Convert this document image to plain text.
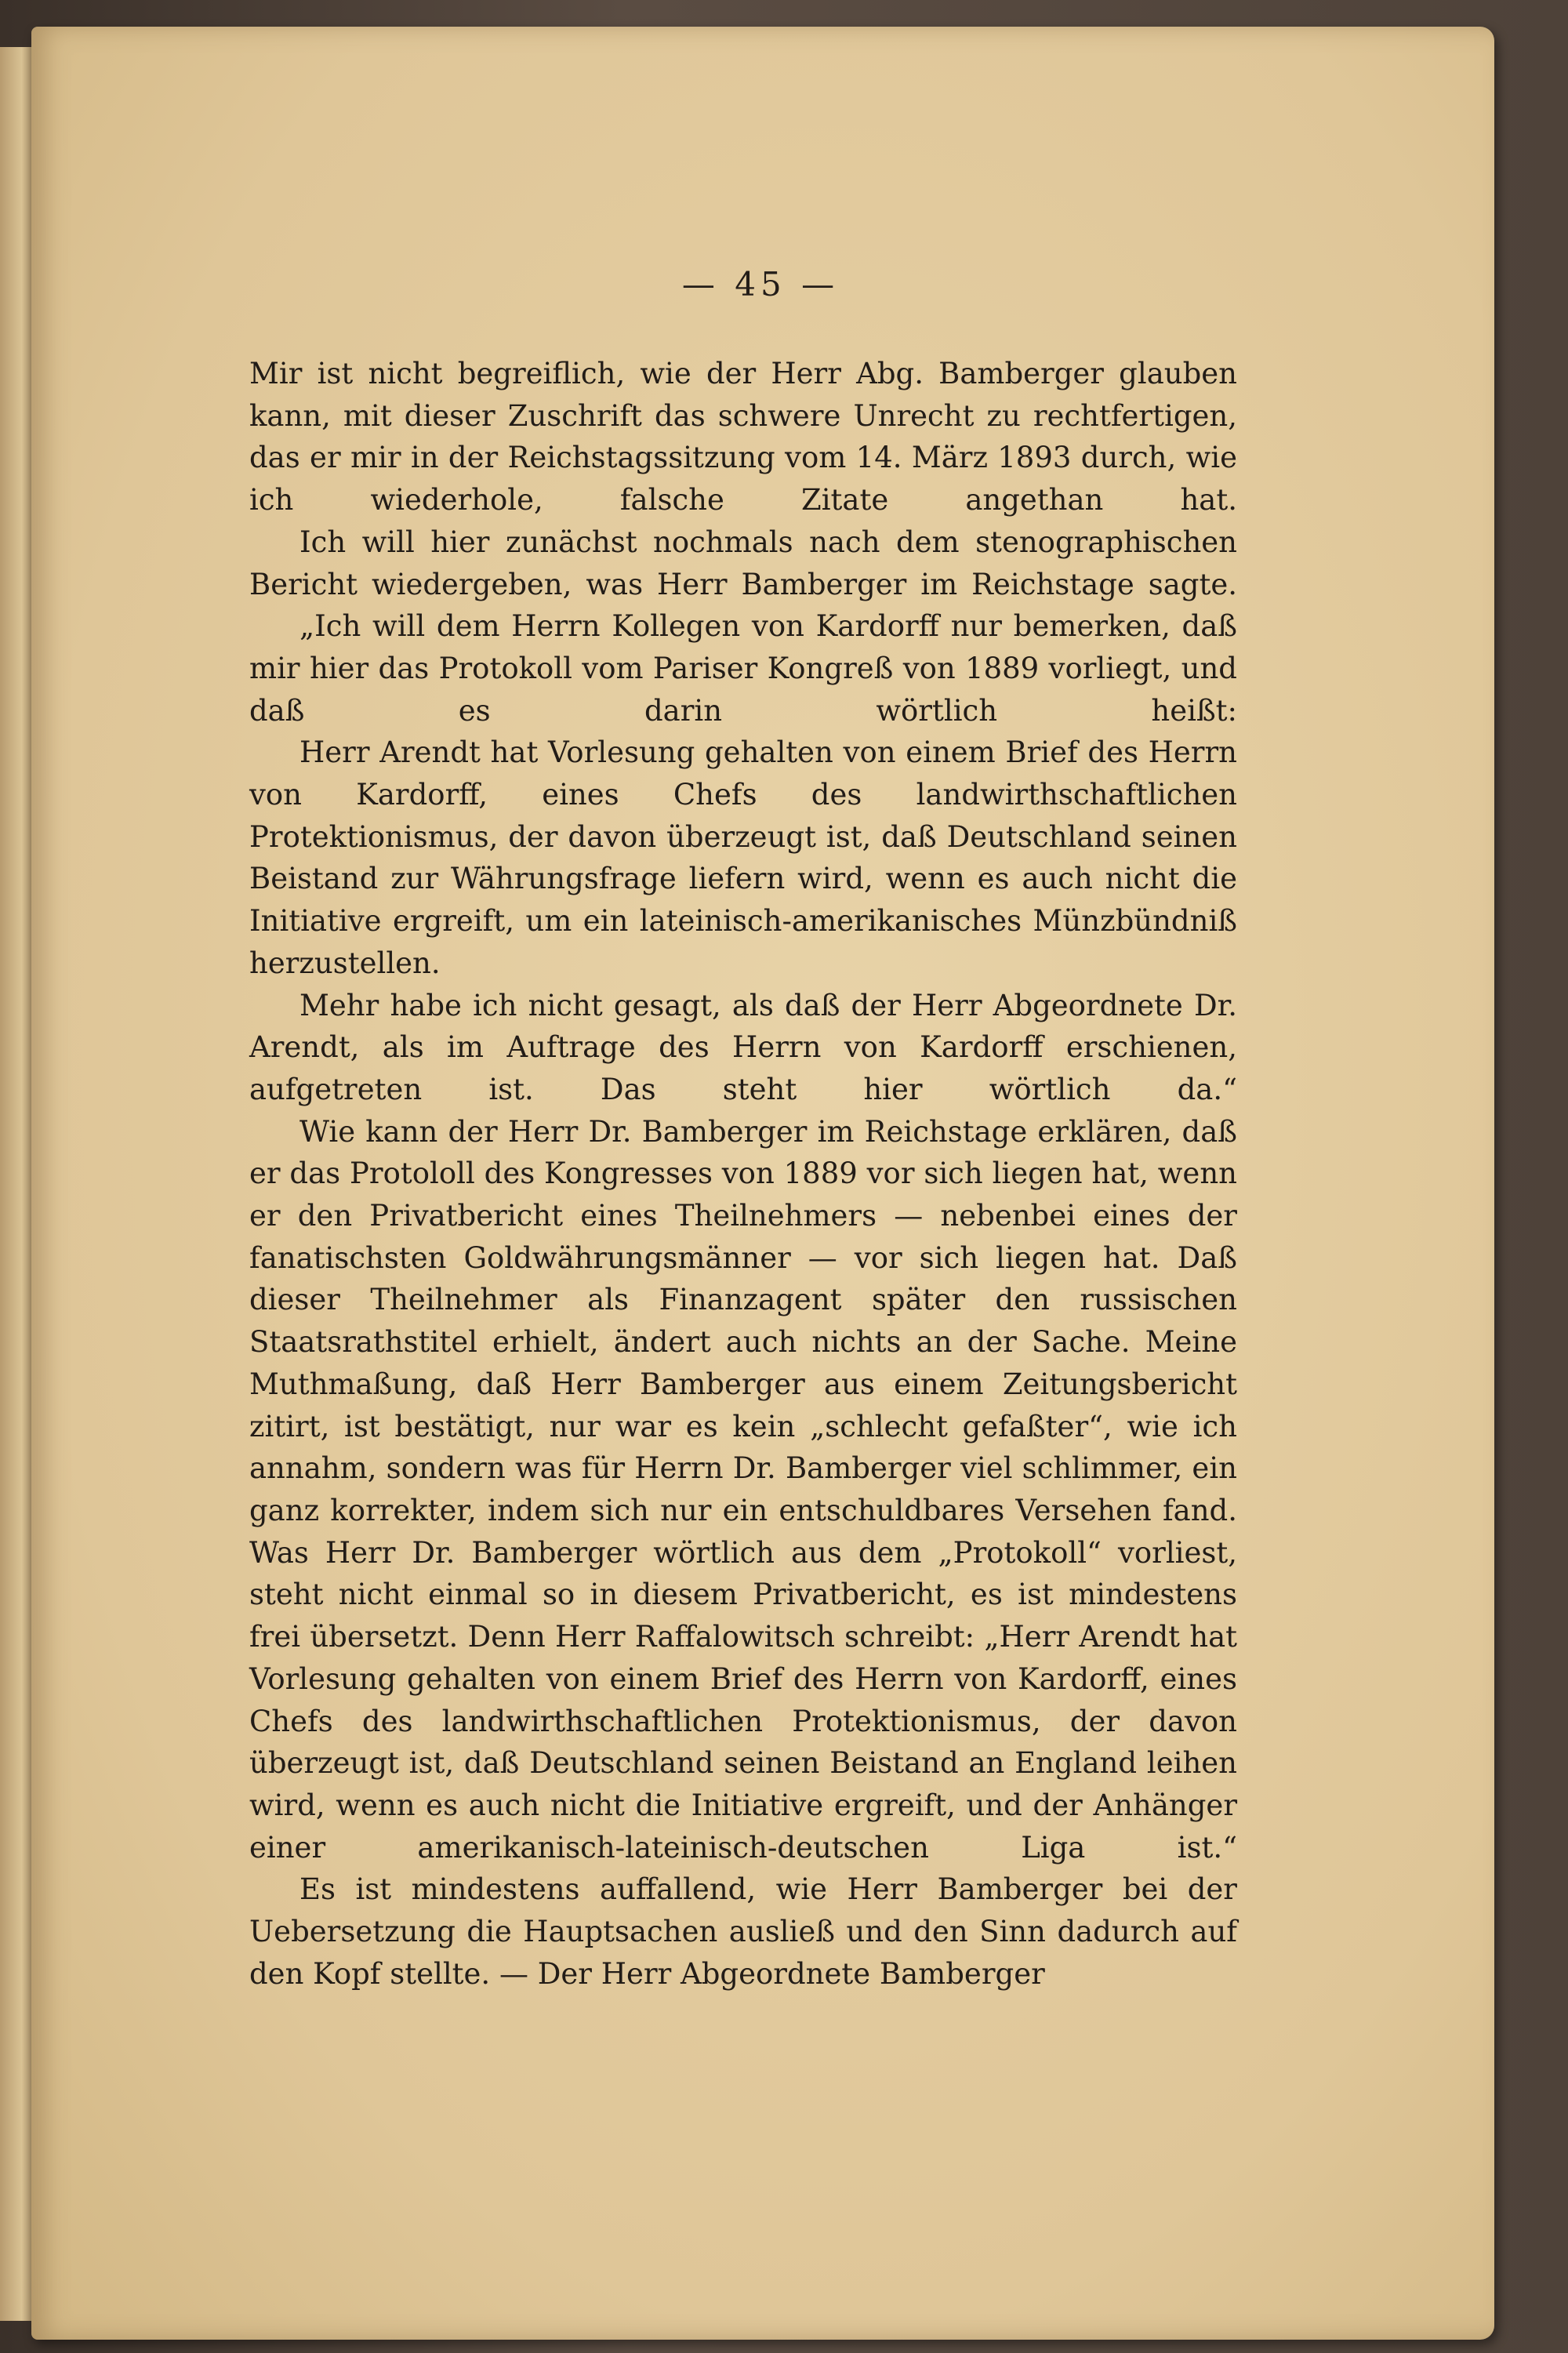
— 45 —

Mir ist nicht begreiflich, wie der Herr Abg. Bamberger glauben kann, mit dieser Zuschrift das schwere Unrecht zu rechtfertigen, das er mir in der Reichstagssitzung vom 14. März 1893 durch, wie ich wiederhole, falsche Zitate angethan hat.

Ich will hier zunächst nochmals nach dem stenographischen Bericht wiedergeben, was Herr Bamberger im Reichstage sagte.

„Ich will dem Herrn Kollegen von Kardorff nur bemerken, daß mir hier das Protokoll vom Pariser Kongreß von 1889 vorliegt, und daß es darin wörtlich heißt:

Herr Arendt hat Vorlesung gehalten von einem Brief des Herrn von Kardorff, eines Chefs des landwirthschaftlichen Protektionismus, der davon überzeugt ist, daß Deutschland seinen Beistand zur Währungsfrage liefern wird, wenn es auch nicht die Initiative ergreift, um ein lateinisch-amerikanisches Münzbündniß herzustellen.

Mehr habe ich nicht gesagt, als daß der Herr Abgeordnete Dr. Arendt, als im Auftrage des Herrn von Kardorff erschienen, aufgetreten ist. Das steht hier wörtlich da.“

Wie kann der Herr Dr. Bamberger im Reichstage erklären, daß er das Protololl des Kongresses von 1889 vor sich liegen hat, wenn er den Privatbericht eines Theilnehmers — nebenbei eines der fanatischsten Goldwährungsmänner — vor sich liegen hat. Daß dieser Theilnehmer als Finanzagent später den russischen Staatsrathstitel erhielt, ändert auch nichts an der Sache. Meine Muthmaßung, daß Herr Bamberger aus einem Zeitungsbericht zitirt, ist bestätigt, nur war es kein „schlecht gefaßter“, wie ich annahm, sondern was für Herrn Dr. Bamberger viel schlimmer, ein ganz korrekter, indem sich nur ein entschuldbares Versehen fand. Was Herr Dr. Bamberger wörtlich aus dem „Protokoll“ vorliest, steht nicht einmal so in diesem Privatbericht, es ist mindestens frei übersetzt. Denn Herr Raffalowitsch schreibt: „Herr Arendt hat Vorlesung gehalten von einem Brief des Herrn von Kardorff, eines Chefs des landwirthschaftlichen Protektionismus, der davon überzeugt ist, daß Deutschland seinen Beistand an England leihen wird, wenn es auch nicht die Initiative ergreift, und der Anhänger einer amerikanisch-lateinisch-deutschen Liga ist.“

Es ist mindestens auffallend, wie Herr Bamberger bei der Uebersetzung die Hauptsachen ausließ und den Sinn dadurch auf den Kopf stellte. — Der Herr Abgeordnete Bamberger
